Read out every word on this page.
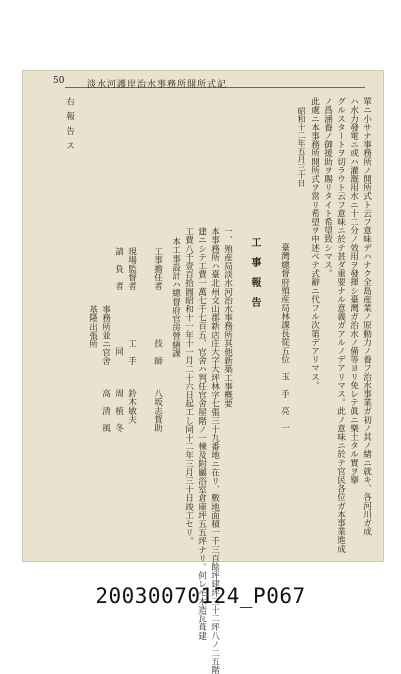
50	淡水河護岸治水事務所開所式記
單ニ小サナ事務所ノ開所式ト云フ意味デハナク全島産業ノ原動力ノ養フ治水事業ガ初ノ其ノ緒ニ就キ、各河川ガ成
ハ水力發電ニ或ハ灌漑用水ニ十二分ノ效用ヲ發揮シ臺灣ガ治水ノ備等ヨリ免レテ眞ニ樂土タル實ヲ擧
グルスタートヲ切ラウト云フ意味ニ於テ甚ダ重要ナル意義ガアルノデアリマス。此ノ意味ニ於テ官民各位ガ本事業進成
ノ爲涵養ノ御援助ヲ賜リタイト希望致シマス。
此處ニ本事務所開所式ヲ當リ希望ヲ申述ベテ式辭ニ代フル次第デアリマス。
昭和十二年五月三十日
臺灣總督府殖産局林課長從五位　玉　手　亮　一
工　事　報　告
一、殖産局淡水河治水事務所其他新築工事概要
本事務所ハ臺北州文山郡新店庄大字大坪林字七張三十九番地ニ在リ、敷地面積一千三百餘坪建坪三十二坪八ノ二五階
建ニシテ工費一萬七千七百五、官舍ハ判任官舍屋階ノ一棟及附屬浴室倉庫坪五五坪ナリ。何レモ木造瓦葺建
工費八千壹百拾圓昭和十一年十一月二十六日起工し同十二年三月三十日竣工セリ。
本工事設計ハ總督府官房營繕課
工事擔任者
現場監督者
請　負　者
技　師
工　手
同
事務所並ニ官舍
基隆出張所
八坂志賀助
鈴木敏夫
周　植　冬
高　清　風
右報告ス
20030070124_P067
